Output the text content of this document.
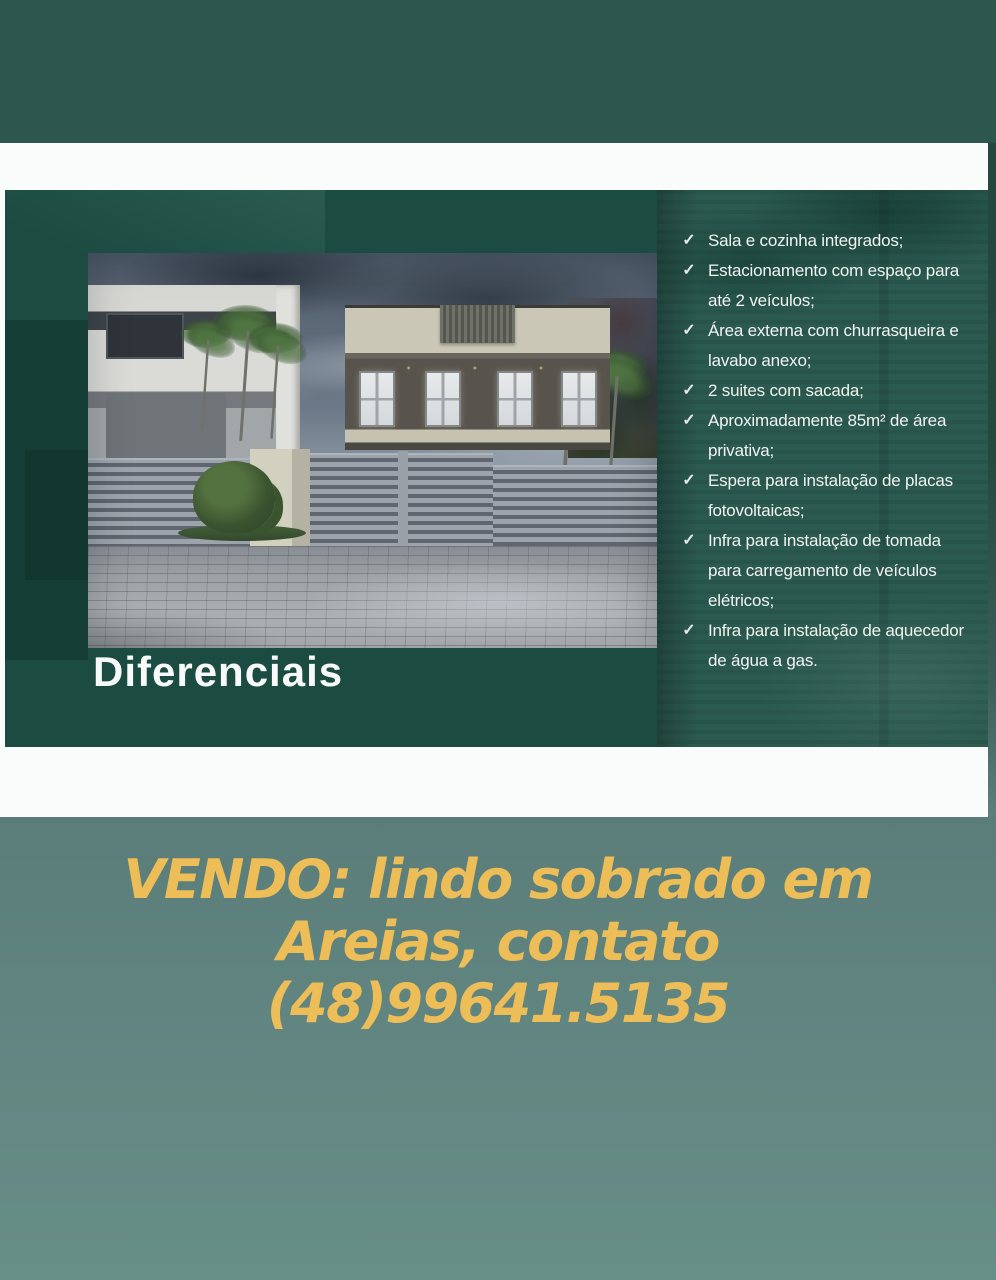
Diferenciais
✓ Sala e cozinha integrados;
✓ Estacionamento com espaço para até 2 veículos;
✓ Área externa com churrasqueira e lavabo anexo;
✓ 2 suites com sacada;
✓ Aproximadamente 85m² de área privativa;
✓ Espera para instalação de placas fotovoltaicas;
✓ Infra para instalação de tomada para carregamento de veículos elétricos;
✓ Infra para instalação de aquecedor de água a gas.
VENDO: lindo sobrado em
Areias, contato
(48)99641.5135
